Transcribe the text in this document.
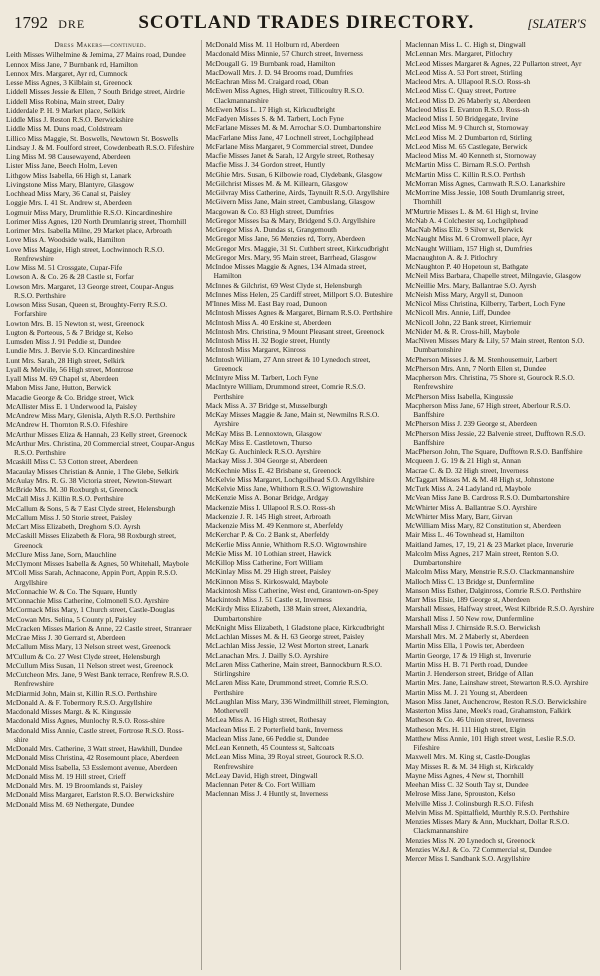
1792 DRE	SCOTLAND TRADES DIRECTORY.	[SLATER'S
Dress Makers—continued.

Leith Misses Wilhelmine & Jemima, 27 Mains road, Dundee

Lennox Miss Jane, 7 Burnbank rd, Hamilton

Lennox Mrs. Margaret, Ayr rd, Cumnock

Lesse Miss Agnes, 3 Kilblain st, Greenock

Liddell Misses Jessie & Ellen, 7 South Bridge street, Airdrie

Liddell Miss Robina, Main street, Dalry

Lidderdale P. H. 9 Market place, Selkirk

Liddle Miss J. Reston R.S.O. Berwickshire

Liddle Miss M. Duns road, Coldstream

Lillico Miss Maggie, St. Boswells, Newtown St. Boswells

Lindsay J. & M. Foulford street, Cowdenbeath R.S.O. Fifeshire

Ling Miss M. 98 Causewayend, Aberdeen

Lister Miss Jane, Beech Holm, Leven

Lithgow Miss Isabella, 66 High st, Lanark

Livingstone Miss Mary, Blantyre, Glasgow

Lochhead Miss Mary, 36 Canal st, Paisley

Loggie Mrs. I. 41 St. Andrew st, Aberdeen

Logmuir Miss Mary, Drumlithie R.S.O. Kincardineshire

Lorimer Miss Agnes, 120 North Drumlanrig street, Thornhill

Lorimer Mrs. Isabella Milne, 29 Market place, Arbroath

Love Miss A. Woodside walk, Hamilton

Love Miss Maggie, High street, Lochwinnoch R.S.O. Renfrewshire

Low Miss M. 51 Crossgate, Cupar-Fife

Lowson A. & Co. 26 & 28 Castle st, Forfar

Lowson Mrs. Margaret, 13 George street, Coupar-Angus R.S.O. Perthshire

Lowson Miss Susan, Queen st, Broughty-Ferry R.S.O. Forfarshire

Lowton Mrs. B. 15 Newton st, west, Greenock

Lugton & Porteous, 5 & 7 Bridge st, Kelso

Lumsden Miss J. 91 Peddie st, Dundee

Lundie Mrs. J. Bervie S.O. Kincardineshire

Lunt Mrs. Sarah, 28 High street, Selkirk

Lyall & Melville, 56 High street, Montrose

Lyall Miss M. 69 Chapel st, Aberdeen

Mabon Miss Jane, Hutton, Berwick

Macadie George & Co. Bridge street, Wick

McAllister Miss E. 1 Underwood la, Paisley

McAndrew Miss Mary, Glenisla, Alyth R.S.O. Perthshire

McAndrew H. Thornton R.S.O. Fifeshire

McArthur Misses Eliza & Hannah, 23 Kelly street, Greenock

McArthur Mrs. Christina, 20 Commercial street, Coupar-Angus R.S.O. Perthshire

Mcaskill Miss C. 53 Cotton street, Aberdeen

Macaulay Misses Christian & Annie, 1 The Glebe, Selkirk

McAulay Mrs. R. G. 38 Victoria street, Newton-Stewart

McBride Mrs. M. 30 Roxburgh st, Greenock

McCall Miss J. Killin R.S.O. Perthshire

McCallum & Sons, 5 & 7 East Clyde street, Helensburgh

McCallum Miss J. 50 Storie street, Paisley

McCart Miss Elizabeth, Dreghorn S.O. Ayrsh

McCaskill Misses Elizabeth & Flora, 98 Roxburgh street, Greenock

McClure Miss Jane, Sorn, Mauchline

McClymont Misses Isabella & Agnes, 50 Whitehall, Maybole

M'Coll Miss Sarah, Achnacone, Appin Port, Appin R.S.O. Argyllshire

McConnachie W. & Co. The Square, Huntly

M'Connachie Miss Catherine, Colmonell S.O. Ayrshire

McCormack Miss Mary, 1 Church street, Castle-Douglas

McCowan Mrs. Selina, 5 County pl, Paisley

McCracken Misses Marion & Anne, 22 Castle street, Stranraer

McCrae Miss J. 30 Gerrard st, Aberdeen

McCallum Miss Mary, 13 Nelson street west, Greenock

M'Cullum & Co. 27 West Clyde street, Helensburgh

McCullum Miss Susan, 11 Nelson street west, Greenock

McCutcheon Mrs. Jane, 9 West Bank terrace, Renfrew R.S.O. Renfrewshire

McDiarmid John, Main st, Killin R.S.O. Perthshire

McDonald A. & F. Tobermory R.S.O. Argyllshire

Macdonald Misses Margt. & K. Kingussie

Macdonald Miss Agnes, Munlochy R.S.O. Ross-shire

Macdonald Miss Annie, Castle street, Fortrose R.S.O. Ross-shire

McDonald Mrs. Catherine, 3 Watt street, Hawkhill, Dundee

McDonald Miss Christina, 42 Rosemount place, Aberdeen

McDonald Miss Isabella, 53 Esslemont avenue, Aberdeen

McDonald Miss M. 19 Hill street, Crieff

McDonald Mrs. M. 19 Broomlands st, Paisley

McDonald Miss Margaret, Earlston R.S.O. Berwickshire

McDonald Miss M. 69 Nethergate, Dundee

McDonald Miss M. 11 Holburn rd, Aberdeen

Macdonald Miss Minnie, 57 Church street, Inverness

McDougall G. 19 Burnbank road, Hamilton

MacDowall Mrs. J. D. 94 Brooms road, Dumfries

McEachran Miss M. Craigard road, Oban

McEwen Miss Agnes, High street, Tillicoultry R.S.O. Clackmannanshire

McEwen Miss L. 17 High st, Kirkcudbright

McFadyen Misses S. & M. Tarbert, Loch Fyne

McFarlane Misses M. & M. Arrochar S.O. Dumbartonshire

MacFarlane Miss Jane, 47 Lochnell street, Lochgilphead

McFarlane Miss Margaret, 9 Commercial street, Dundee

Macfie Misses Janet & Sarah, 12 Argyle street, Rothesay

Macfie Miss J. 34 Gordon street, Huntly

McGhie Mrs. Susan, 6 Kilbowie road, Clydebank, Glasgow

McGilchrist Misses M. & M. Killearn, Glasgow

McGilvray Miss Catherine, Airds, Taynuilt R.S.O. Argyllshire

McGivern Miss Jane, Main street, Cambuslang, Glasgow

Macgowan & Co. 83 High street, Dumfries

McGregor Misses Isa & Mary, Bridgend S.O. Argyllshire

McGregor Miss A. Dundas st, Grangemouth

McGregor Miss Jane, 56 Menzies rd, Torry, Aberdeen

McGregor Mrs. Maggie, 31 St. Cuthbert street, Kirkcudbright

McGregor Mrs. Mary, 95 Main street, Barrhead, Glasgow

McIndoe Misses Maggie & Agnes, 134 Almada street, Hamilton

McInnes & Gilchrist, 69 West Clyde st, Helensburgh

McInnes Miss Helen, 25 Cardiff street, Millport S.O. Buteshire

M'Innes Miss M. East Bay road, Dunoon

McIntosh Misses Agnes & Margaret, Birnam R.S.O. Perthshire

McIntosh Miss A. 40 Erskine st, Aberdeen

McIntosh Mrs. Christina, 9 Mount Pleasant street, Greenock

McIntosh Miss H. 32 Bogie street, Huntly

McIntosh Miss Margaret, Kinross

McIntosh William, 27 Ann street & 10 Lynedoch street, Greenock

McIntyre Miss M. Tarbert, Loch Fyne

MacIntyre William, Drummond street, Comrie R.S.O. Perthshire

Mack Miss A. 37 Bridge st, Musselburgh

McKay Misses Maggie & Jane, Main st, Newmilns R.S.O. Ayrshire

McKay Miss B. Lennoxtown, Glasgow

McKay Miss E. Castletown, Thurso

McKay G. Auchinleck R.S.O. Ayrshire

Mackay Miss J. 304 George st, Aberdeen

McKechnie Miss E. 42 Brisbane st, Greenock

McKelvie Miss Margaret, Lochgoilhead S.O. Argyllshire

McKelvie Miss Jane, Whithorn R.S.O. Wigtownshire

McKenzie Miss A. Bonar Bridge, Ardgay

Mackenzie Miss I. Ullapool R.S.O. Ross-sh

Mackenzie J. R. 145 High street, Arbroath

Mackenzie Miss M. 49 Kenmore st, Aberfeldy

McKerchar P. & Co. 2 Bank st, Aberfeldy

McKerlie Miss Annie, Whithorn R.S.O. Wigtownshire

McKie Miss M. 10 Lothian street, Hawick

McKillop Miss Catherine, Fort William

McKinlay Miss M. 29 High street, Paisley

McKinnon Miss S. Kirkoswald, Maybole

Mackintosh Miss Catherine, West end, Grantown-on-Spey

Mackintosh Miss J. 51 Castle st, Inverness

McKirdy Miss Elizabeth, 138 Main street, Alexandria, Dumbartonshire

McKnight Miss Elizabeth, 1 Gladstone place, Kirkcudbright

McLachlan Misses M. & H. 63 George street, Paisley

McLachlan Miss Jessie, 12 West Morton street, Lanark

McLanachan Mrs. J. Dailly S.O. Ayrshire

McLaren Miss Catherine, Main street, Bannockburn R.S.O. Stirlingshire

McLaren Miss Kate, Drummond street, Comrie R.S.O. Perthshire

McLaughlan Miss Mary, 336 Windmillhill street, Flemington, Motherwell

McLea Miss A. 16 High street, Rothesay

Maclean Miss E. 2 Porterfield bank, Inverness

Maclean Miss Jane, 66 Peddie st, Dundee

McLean Kenneth, 45 Countess st, Saltcoats

McLean Miss Mina, 39 Royal street, Gourock R.S.O. Renfrewshire

McLeay David, High street, Dingwall

Maclennan Peter & Co. Fort William

Maclennan Miss J. 4 Huntly st, Inverness

Maclennan Miss L. C. High st, Dingwall

McLennan Mrs. Margaret, Pitlochry

McLeod Misses Margaret & Agnes, 22 Pullarton street, Ayr

McLeod Miss A. 53 Port street, Stirling

Macleod Mrs. A. Ullapool R.S.O. Ross-sh

McLeod Miss C. Quay street, Portree

McLeod Miss D. 26 Maberly st, Aberdeen

Macleod Miss E. Evanton R.S.O. Ross-sh

Macleod Miss I. 50 Bridgegate, Irvine

McLeod Miss M. 9 Church st, Stornoway

McLeod Miss M. 2 Dumbarton rd, Stirling

McLeod Miss M. 65 Castlegate, Berwick

Macleod Miss M. 40 Kenneth st, Stornoway

McMartin Miss C. Birnam R.S.O. Perthsh

McMartin Miss C. Killin R.S.O. Perthsh

McMorran Miss Agnes, Carnwath R.S.O. Lanarkshire

McMorrine Miss Jessie, 108 South Drumlanrig street, Thornhill

M'Murtrie Misses L. & M. 61 High st, Irvine

McNab A. 4 Colchester sq, Lochgilphead

MacNab Miss Eliz. 9 Silver st, Berwick

McNaught Miss M. 6 Cromwell place, Ayr

McNaught William, 157 High st, Dumfries

Macnaughton A. & J. Pitlochry

McNaughton P. 40 Hopetoun st, Bathgate

McNeil Miss Barbara, Chapelle street, Milngavie, Glasgow

McNeillie Mrs. Mary, Ballantrae S.O. Ayrsh

McNeish Miss Mary, Argyll st, Dunoon

McNicol Miss Christina, Kilberry, Tarbert, Loch Fyne

McNicoll Mrs. Annie, Liff, Dundee

McNicoll John, 22 Bank street, Kirriemuir

McNider M. & R. Cross-hill, Maybole

MacNiven Misses Mary & Lily, 57 Main street, Renton S.O. Dumbartonshire

McPherson Misses J. & M. Stenhousemuir, Larbert

McPherson Mrs. Ann, 7 North Ellen st, Dundee

Macpherson Mrs. Christina, 75 Shore st, Gourock R.S.O. Renfrewshire

McPherson Miss Isabella, Kingussie

Macpherson Miss Jane, 67 High street, Aberlour R.S.O. Banffshire

McPherson Miss J. 239 George st, Aberdeen

McPherson Miss Jessie, 22 Balvenie street, Dufftown R.S.O. Banffshire

MacPherson John, The Square, Dufftown R.S.O. Banffshire

Mcqueen J. G. 19 & 21 High st, Annan

Macrae C. & D. 32 High street, Inverness

McTaggart Misses M. & M. 48 High st, Johnstone

McTurk Miss A. 24 Ladyland rd, Maybole

McVean Miss Jane B. Cardross R.S.O. Dumbartonshire

McWhirter Miss A. Ballantrae S.O. Ayrshire

McWhirter Miss Mary, Barr, Girvan

McWilliam Miss Mary, 82 Constitution st, Aberdeen

Mair Miss L. 46 Townhead st, Hamilton

Maitland James, 17, 19, 21 & 23 Market place, Inverurie

Malcolm Miss Agnes, 217 Main street, Renton S.O. Dumbartonshire

Malcolm Miss Mary, Menstrie R.S.O. Clackmannanshire

Malloch Miss C. 13 Bridge st, Dunfermline

Manson Miss Esther, Dalginross, Comrie R.S.O. Perthshire

Marr Miss Elsie, 189 George st, Aberdeen

Marshall Misses, Halfway street, West Kilbride R.S.O. Ayrshire

Marshall Miss J. 50 New row, Dunfermline

Marshall Miss J. Chirnside R.S.O. Berwicksh

Marshall Mrs. M. 2 Maberly st, Aberdeen

Martin Miss Ella, 1 Powis ter, Aberdeen

Martin George, 17 & 19 High st, Inverurie

Martin Miss H. B. 71 Perth road, Dundee

Martin J. Henderson street, Bridge of Allan

Martin Mrs. Jane, Lainshaw street, Stewarton R.S.O. Ayrshire

Martin Miss M. J. 21 Young st, Aberdeen

Mason Miss Janet, Auchencrow, Reston R.S.O. Berwickshire

Masterton Miss Jane, Meek's road, Grahamston, Falkirk

Matheson & Co. 46 Union street, Inverness

Matheson Mrs. H. 111 High street, Elgin

Matthew Miss Annie, 101 High street west, Leslie R.S.O. Fifeshire

Maxwell Mrs. M. King st, Castle-Douglas

May Misses R. & M. 34 High st, Kirkcaldy

Mayne Miss Agnes, 4 New st, Thornhill

Meehan Miss C. 32 South Tay st, Dundee

Melrose Miss Jane, Sprouston, Kelso

Melville Miss J. Colinsburgh R.S.O. Fifesh

Melvin Miss M. Spittalfield, Murthly R.S.O. Perthshire

Menzies Misses Mary & Ann, Muckhart, Dollar R.S.O. Clackmannanshire

Menzies Miss N. 20 Lynedoch st, Greenock

Menzies W.&J. & Co. 72 Commercial st, Dundee

Mercer Miss I. Sandbank S.O. Argyllshire
